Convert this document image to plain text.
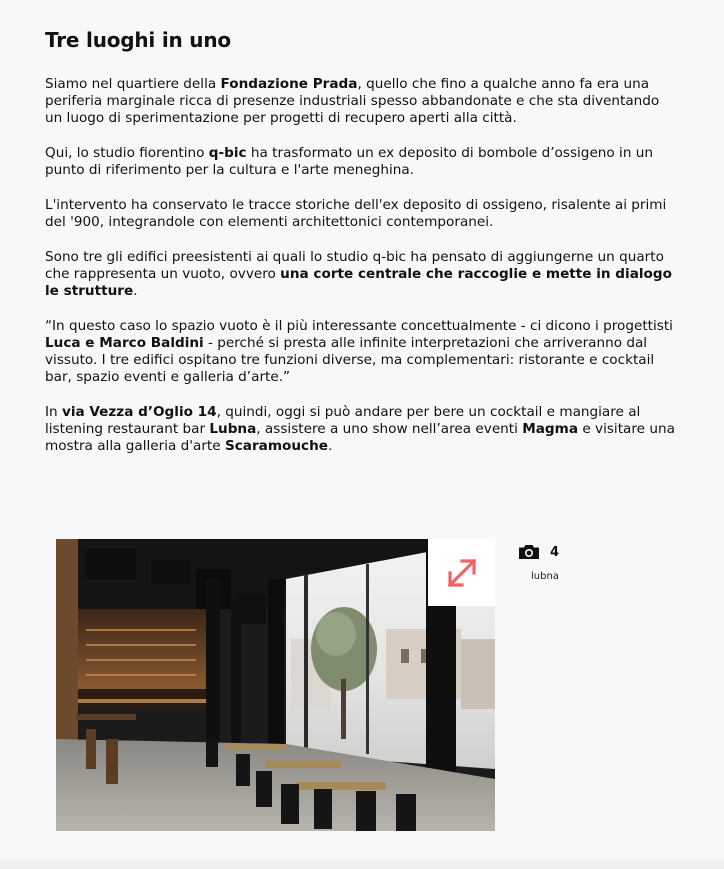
Tre luoghi in uno

Siamo nel quartiere della Fondazione Prada, quello che fino a qualche anno fa era una periferia marginale ricca di presenze industriali spesso abbandonate e che sta diventando un luogo di sperimentazione per progetti di recupero aperti alla città.

Qui, lo studio fiorentino q-bic ha trasformato un ex deposito di bombole d’ossigeno in un punto di riferimento per la cultura e l'arte meneghina.

L'intervento ha conservato le tracce storiche dell'ex deposito di ossigeno, risalente ai primi del '900, integrandole con elementi architettonici contemporanei.

Sono tre gli edifici preesistenti ai quali lo studio q-bic ha pensato di aggiungerne un quarto che rappresenta un vuoto, ovvero una corte centrale che raccoglie e mette in dialogo le strutture.

“In questo caso lo spazio vuoto è il più interessante concettualmente - ci dicono i progettisti Luca e Marco Baldini - perché si presta alle infinite interpretazioni che arriveranno dal vissuto. I tre edifici ospitano tre funzioni diverse, ma complementari: ristorante e cocktail bar, spazio eventi e galleria d’arte.”

In via Vezza d’Oglio 14, quindi, oggi si può andare per bere un cocktail e mangiare al listening restaurant bar Lubna, assistere a uno show nell’area eventi Magma e visitare una mostra alla galleria d'arte Scaramouche.

4
lubna
